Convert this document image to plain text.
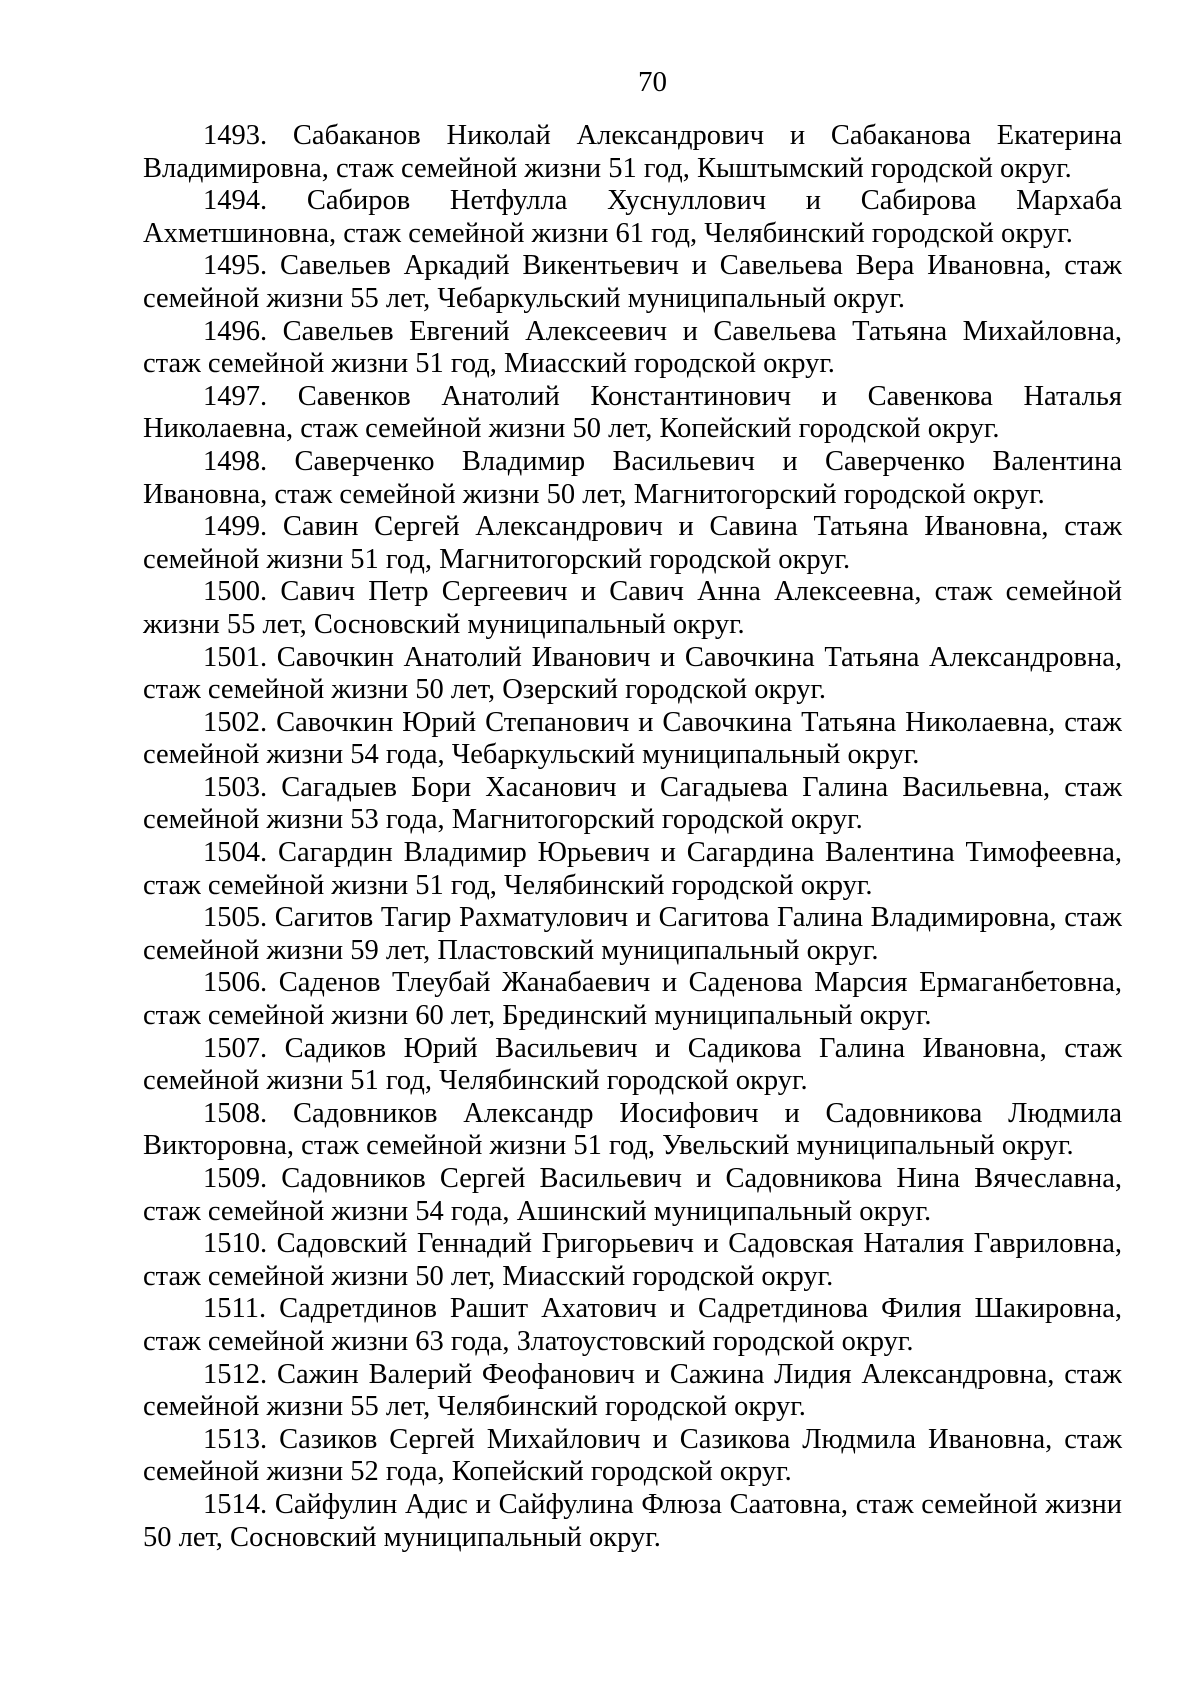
70

1493. Сабаканов Николай Александрович и Сабаканова Екатерина Владимировна, стаж семейной жизни 51 год, Кыштымский городской округ.

1494. Сабиров Нетфулла Хуснуллович и Сабирова Мархаба Ахметшиновна, стаж семейной жизни 61 год, Челябинский городской округ.

1495. Савельев Аркадий Викентьевич и Савельева Вера Ивановна, стаж семейной жизни 55 лет, Чебаркульский муниципальный округ.

1496. Савельев Евгений Алексеевич и Савельева Татьяна Михайловна, стаж семейной жизни 51 год, Миасский городской округ.

1497. Савенков Анатолий Константинович и Савенкова Наталья Николаевна, стаж семейной жизни 50 лет, Копейский городской округ.

1498. Саверченко Владимир Васильевич и Саверченко Валентина Ивановна, стаж семейной жизни 50 лет, Магнитогорский городской округ.

1499. Савин Сергей Александрович и Савина Татьяна Ивановна, стаж семейной жизни 51 год, Магнитогорский городской округ.

1500. Савич Петр Сергеевич и Савич Анна Алексеевна, стаж семейной жизни 55 лет, Сосновский муниципальный округ.

1501. Савочкин Анатолий Иванович и Савочкина Татьяна Александровна, стаж семейной жизни 50 лет, Озерский городской округ.

1502. Савочкин Юрий Степанович и Савочкина Татьяна Николаевна, стаж семейной жизни 54 года, Чебаркульский муниципальный округ.

1503. Сагадыев Бори Хасанович и Сагадыева Галина Васильевна, стаж семейной жизни 53 года, Магнитогорский городской округ.

1504. Сагардин Владимир Юрьевич и Сагардина Валентина Тимофеевна, стаж семейной жизни 51 год, Челябинский городской округ.

1505. Сагитов Тагир Рахматулович и Сагитова Галина Владимировна, стаж семейной жизни 59 лет, Пластовский муниципальный округ.

1506. Саденов Тлеубай Жанабаевич и Саденова Марсия Ермаганбетовна, стаж семейной жизни 60 лет, Брединский муниципальный округ.

1507. Садиков Юрий Васильевич и Садикова Галина Ивановна, стаж семейной жизни 51 год, Челябинский городской округ.

1508. Садовников Александр Иосифович и Садовникова Людмила Викторовна, стаж семейной жизни 51 год, Увельский муниципальный округ.

1509. Садовников Сергей Васильевич и Садовникова Нина Вячеславна, стаж семейной жизни 54 года, Ашинский муниципальный округ.

1510. Садовский Геннадий Григорьевич и Садовская Наталия Гавриловна, стаж семейной жизни 50 лет, Миасский городской округ.

1511. Садретдинов Рашит Ахатович и Садретдинова Филия Шакировна, стаж семейной жизни 63 года, Златоустовский городской округ.

1512. Сажин Валерий Феофанович и Сажина Лидия Александровна, стаж семейной жизни 55 лет, Челябинский городской округ.

1513. Сазиков Сергей Михайлович и Сазикова Людмила Ивановна, стаж семейной жизни 52 года, Копейский городской округ.

1514. Сайфулин Адис и Сайфулина Флюза Саатовна, стаж семейной жизни 50 лет, Сосновский муниципальный округ.
